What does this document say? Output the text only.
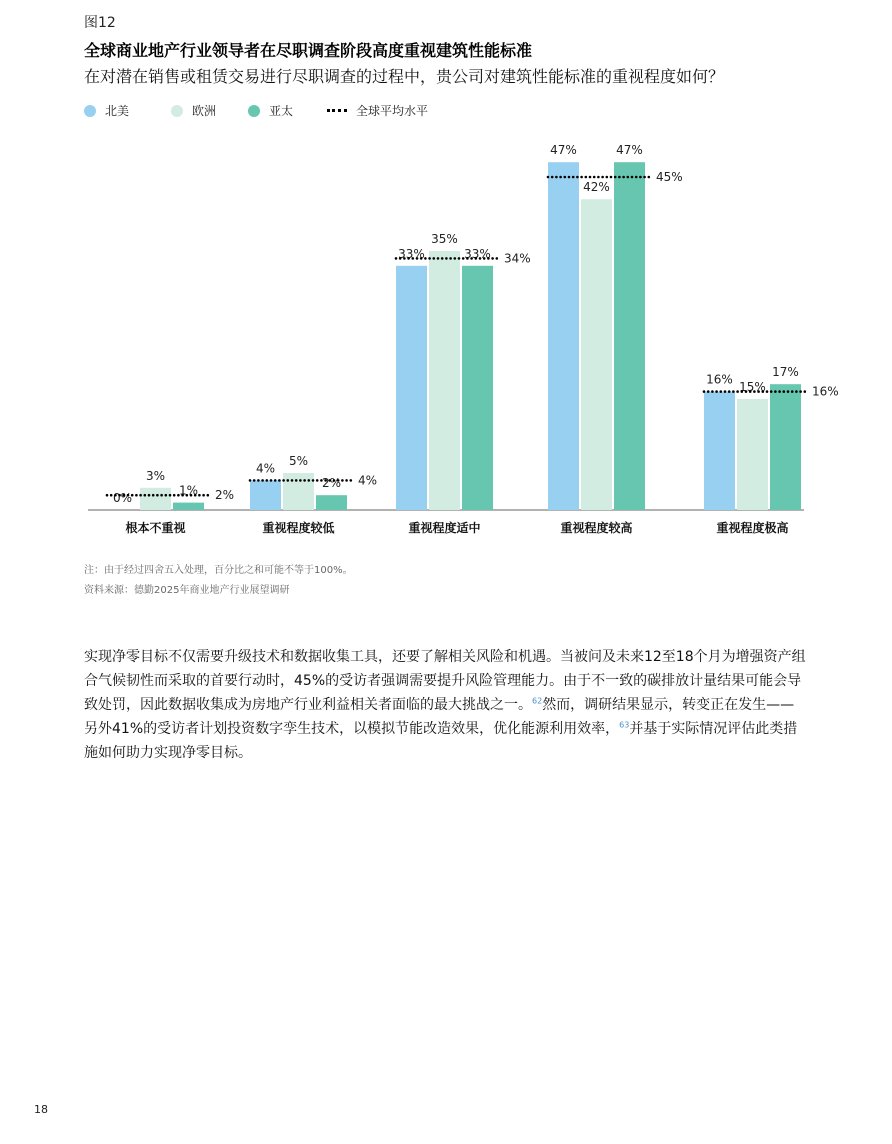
图12
全球商业地产行业领导者在尽职调查阶段高度重视建筑性能标准
在对潜在销售或租赁交易进行尽职调查的过程中，贵公司对建筑性能标准的重视程度如何？
北美	欧洲	亚太	全球平均水平
0%
3%
1% 2%
根本不重视
4%
5%
2% 4%
重视程度较低
33%
35%
33% 34%
重视程度适中
47%
42%
47%
45%
重视程度较高
16%
15%
17%
16%
重视程度极高
注：由于经过四舍五入处理，百分比之和可能不等于100%。
资料来源：德勤2025年商业地产行业展望调研

实现净零目标不仅需要升级技术和数据收集工具，还要了解相关风险和机遇。当被问及未来12至18个月为增强资产组合气候韧性而采取的首要行动时，45%的受访者强调需要提升风险管理能力。由于不一致的碳排放计量结果可能会导致处罚，因此数据收集成为房地产行业利益相关者面临的最大挑战之一。$^{62}$然而，调研结果显示，转变正在发生——另外41%的受访者计划投资数字孪生技术，以模拟节能改造效果，优化能源利用效率，$^{63}$并基于实际情况评估此类措施如何助力实现净零目标。

18
